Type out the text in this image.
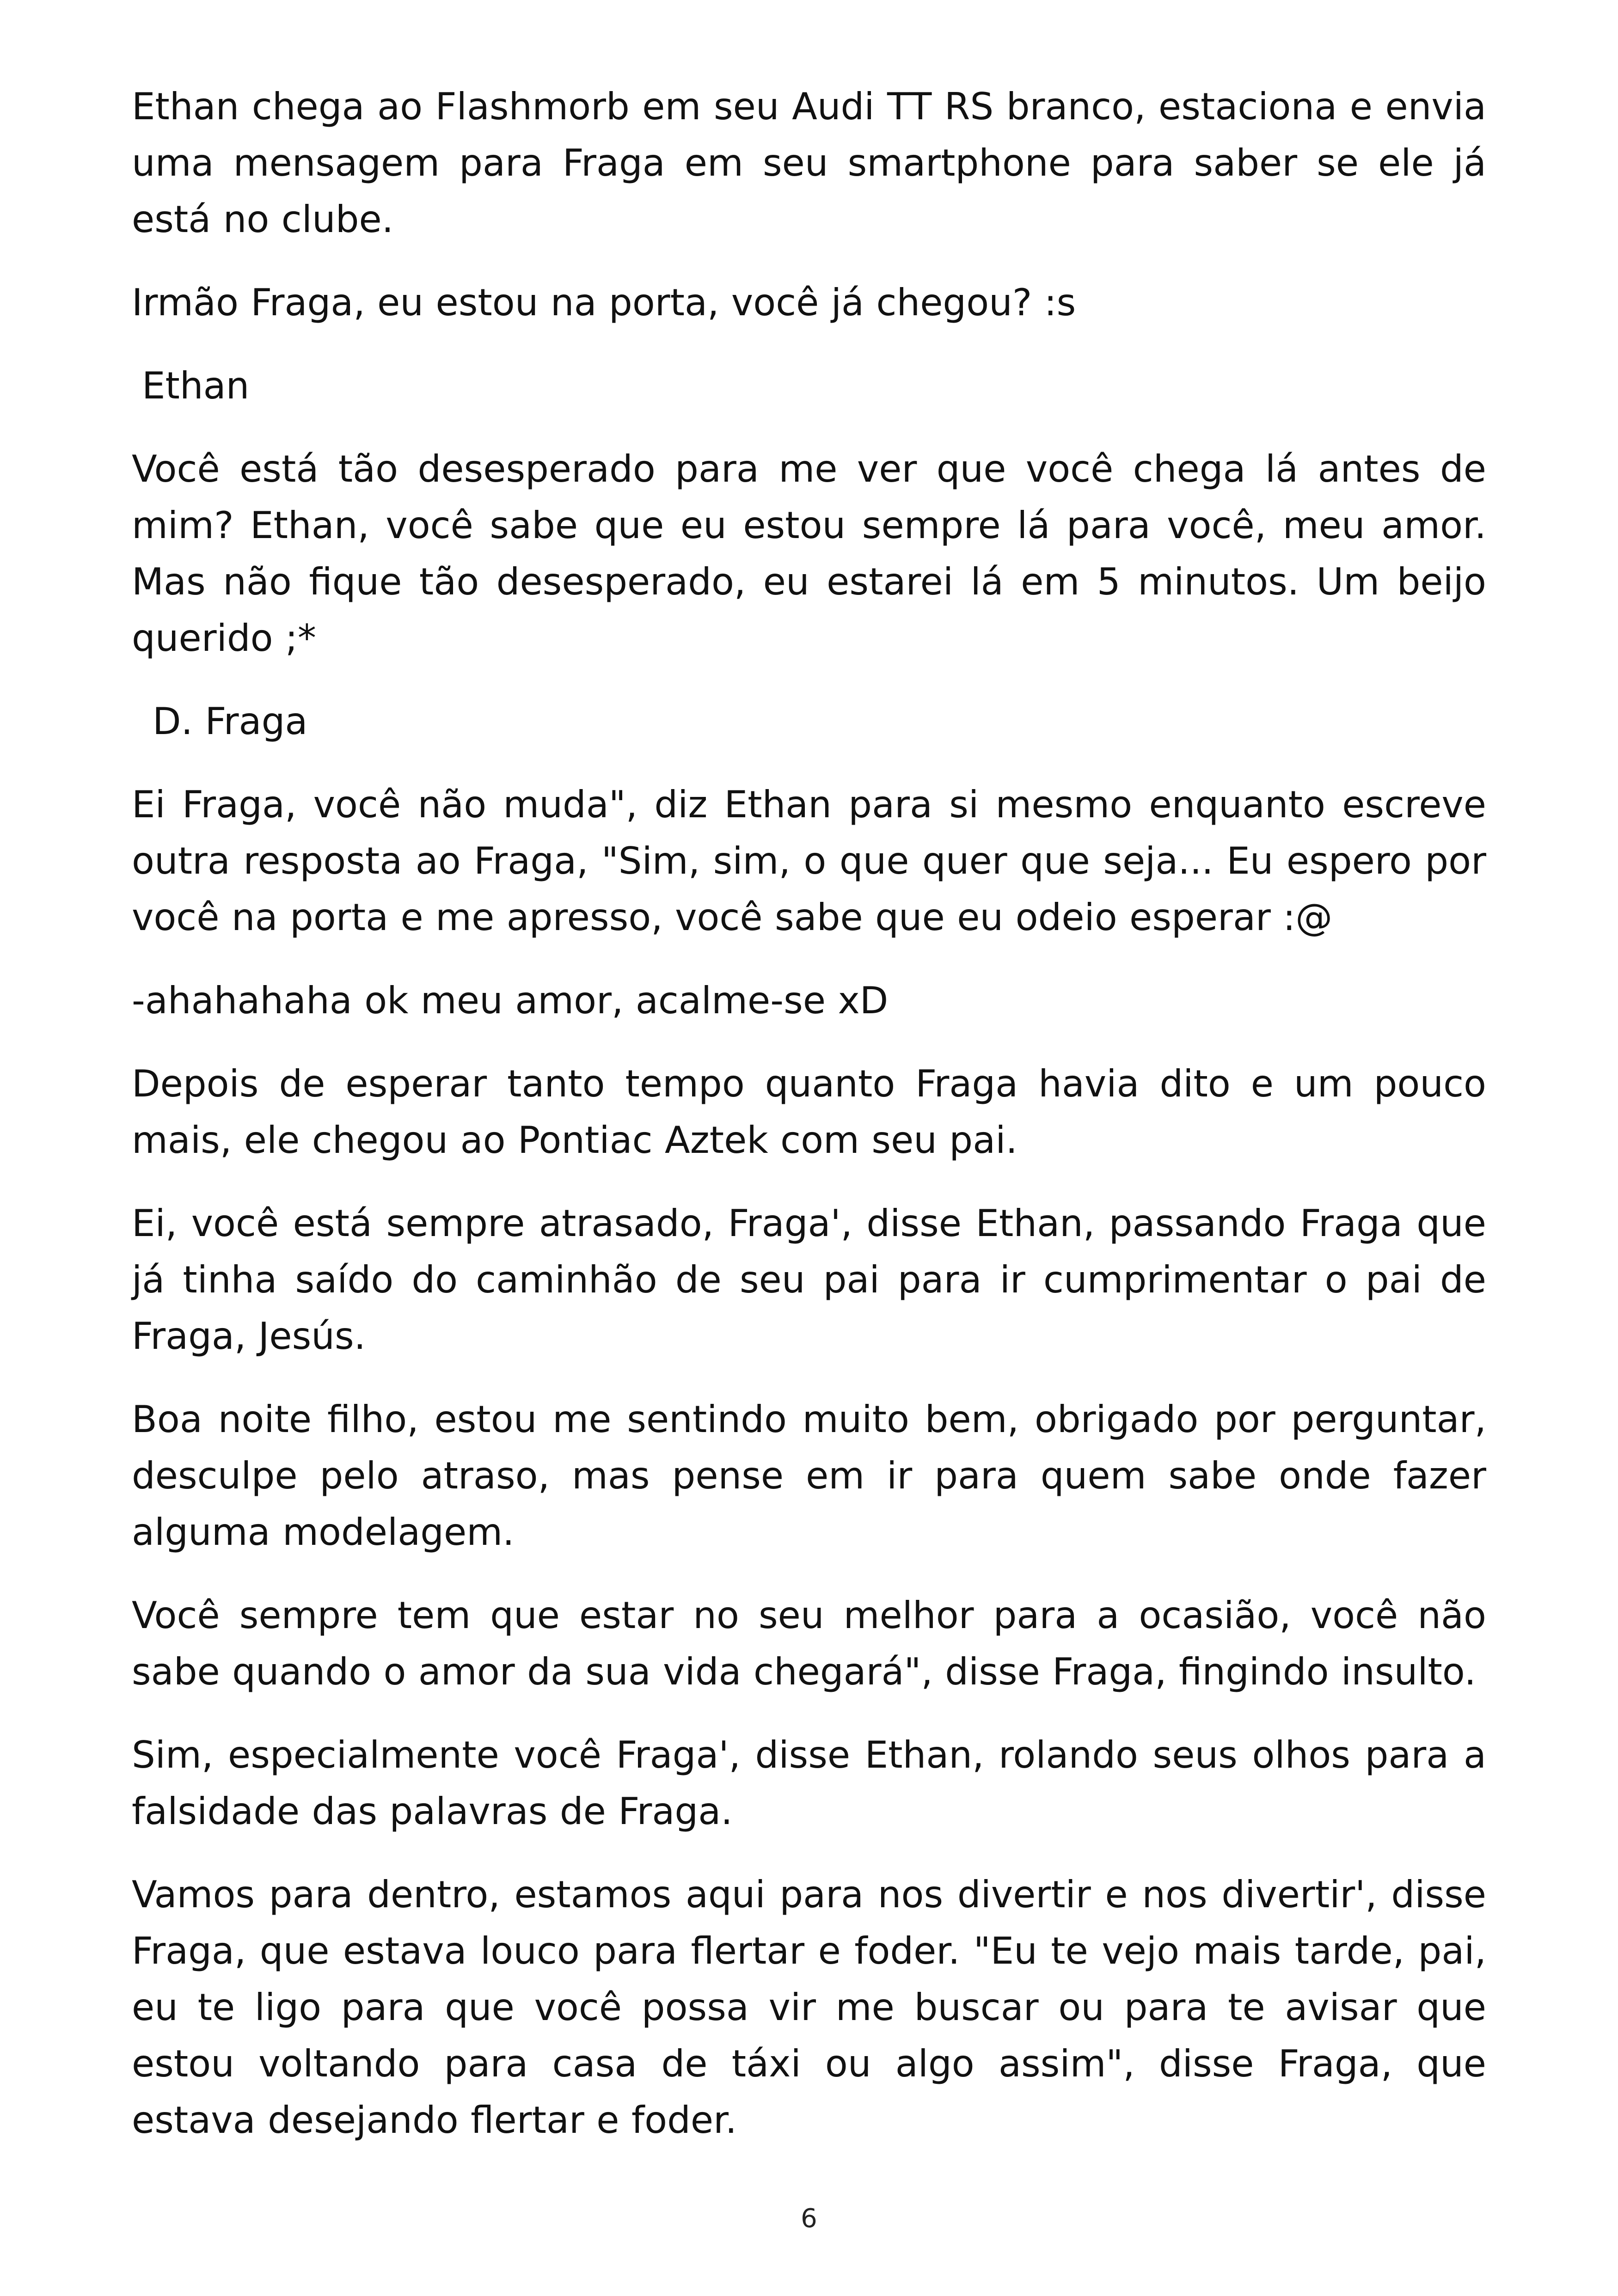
Ethan chega ao Flashmorb em seu Audi TT RS branco, estaciona e envia uma mensagem para Fraga em seu smartphone para saber se ele já está no clube.

Irmão Fraga, eu estou na porta, você já chegou? :s

Ethan

Você está tão desesperado para me ver que você chega lá antes de mim? Ethan, você sabe que eu estou sempre lá para você, meu amor. Mas não fique tão desesperado, eu estarei lá em 5 minutos. Um beijo querido ;*

D. Fraga

Ei Fraga, você não muda", diz Ethan para si mesmo enquanto escreve outra resposta ao Fraga, "Sim, sim, o que quer que seja... Eu espero por você na porta e me apresso, você sabe que eu odeio esperar :@

-ahahahaha ok meu amor, acalme-se xD

Depois de esperar tanto tempo quanto Fraga havia dito e um pouco mais, ele chegou ao Pontiac Aztek com seu pai.

Ei, você está sempre atrasado, Fraga', disse Ethan, passando Fraga que já tinha saído do caminhão de seu pai para ir cumprimentar o pai de Fraga, Jesús.

Boa noite filho, estou me sentindo muito bem, obrigado por perguntar, desculpe pelo atraso, mas pense em ir para quem sabe onde fazer alguma modelagem.

Você sempre tem que estar no seu melhor para a ocasião, você não sabe quando o amor da sua vida chegará", disse Fraga, fingindo insulto.

Sim, especialmente você Fraga', disse Ethan, rolando seus olhos para a falsidade das palavras de Fraga.

Vamos para dentro, estamos aqui para nos divertir e nos divertir', disse Fraga, que estava louco para flertar e foder. "Eu te vejo mais tarde, pai, eu te ligo para que você possa vir me buscar ou para te avisar que estou voltando para casa de táxi ou algo assim", disse Fraga, que estava desejando flertar e foder.

6
